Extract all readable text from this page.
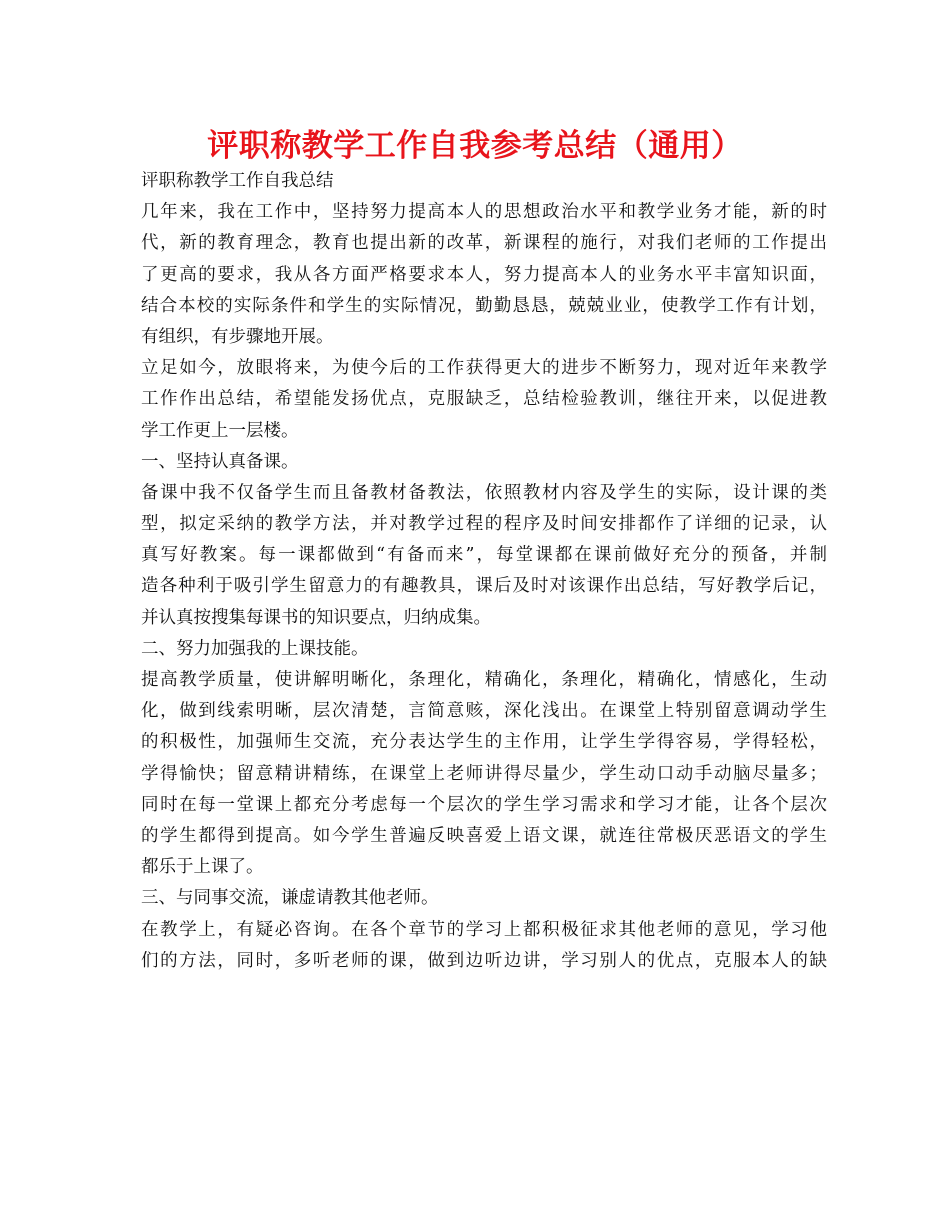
评职称教学工作自我参考总结（通用）
评职称教学工作自我总结
几年来，我在工作中，坚持努力提高本人的思想政治水平和教学业务才能，新的时
代，新的教育理念，教育也提出新的改革，新课程的施行，对我们老师的工作提出
了更高的要求，我从各方面严格要求本人，努力提高本人的业务水平丰富知识面，
结合本校的实际条件和学生的实际情况，勤勤恳恳，兢兢业业，使教学工作有计划，
有组织，有步骤地开展。
立足如今，放眼将来，为使今后的工作获得更大的进步不断努力，现对近年来教学
工作作出总结，希望能发扬优点，克服缺乏，总结检验教训，继往开来，以促进教
学工作更上一层楼。
一、坚持认真备课。
备课中我不仅备学生而且备教材备教法，依照教材内容及学生的实际，设计课的类
型，拟定采纳的教学方法，并对教学过程的程序及时间安排都作了详细的记录，认
真写好教案。每一课都做到“有备而来”，每堂课都在课前做好充分的预备，并制
造各种利于吸引学生留意力的有趣教具，课后及时对该课作出总结，写好教学后记，
并认真按搜集每课书的知识要点，归纳成集。
二、努力加强我的上课技能。
提高教学质量，使讲解明晰化，条理化，精确化，条理化，精确化，情感化，生动
化，做到线索明晰，层次清楚，言简意赅，深化浅出。在课堂上特别留意调动学生
的积极性，加强师生交流，充分表达学生的主作用，让学生学得容易，学得轻松，
学得愉快；留意精讲精练，在课堂上老师讲得尽量少，学生动口动手动脑尽量多；
同时在每一堂课上都充分考虑每一个层次的学生学习需求和学习才能，让各个层次
的学生都得到提高。如今学生普遍反映喜爱上语文课，就连往常极厌恶语文的学生
都乐于上课了。
三、与同事交流，谦虚请教其他老师。
在教学上，有疑必咨询。在各个章节的学习上都积极征求其他老师的意见，学习他
们的方法，同时，多听老师的课，做到边听边讲，学习别人的优点，克服本人的缺
